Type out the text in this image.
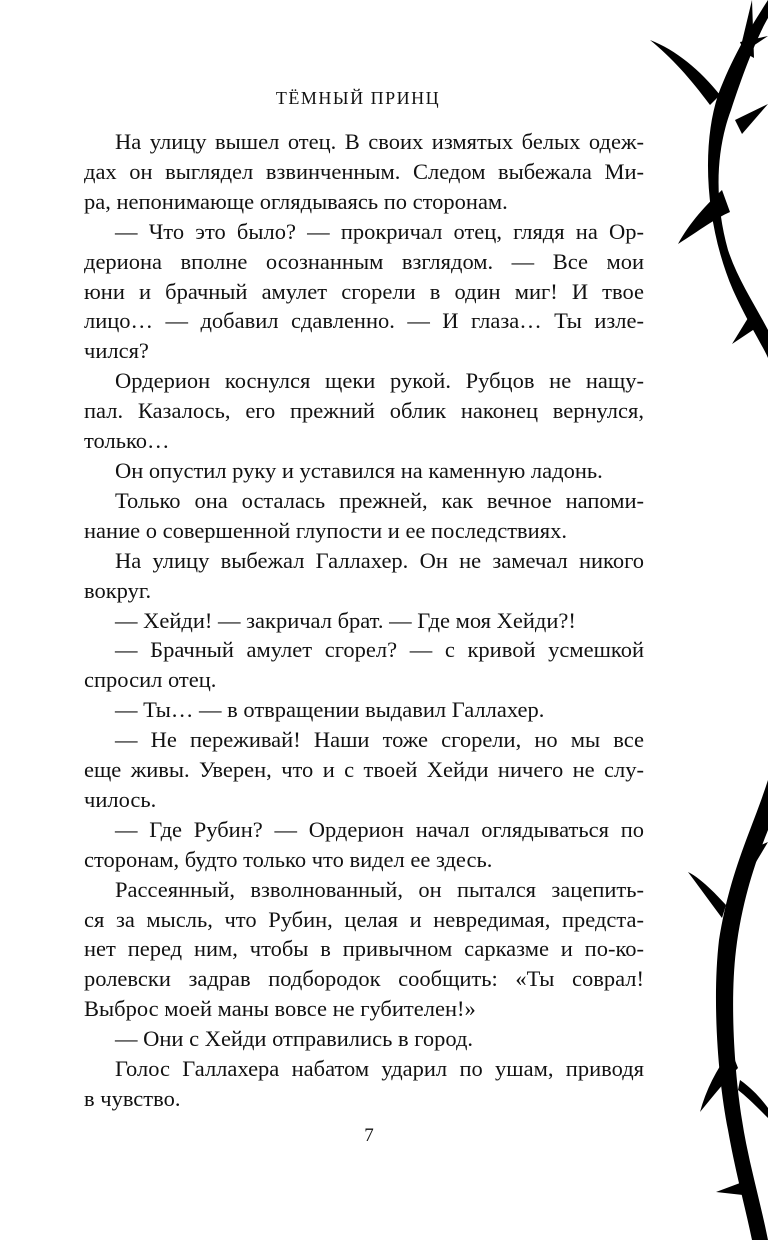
ТЁМНЫЙ ПРИНЦ
На улицу вышел отец. В своих измятых белых одеж-
дах он выглядел взвинченным. Следом выбежала Ми-
ра, непонимающе оглядываясь по сторонам.
— Что это было? — прокричал отец, глядя на Ор-
дериона вполне осознанным взглядом. — Все мои
юни и брачный амулет сгорели в один миг! И твое
лицо… — добавил сдавленно. — И глаза… Ты изле-
чился?
Ордерион коснулся щеки рукой. Рубцов не нащу-
пал. Казалось, его прежний облик наконец вернулся,
только…
Он опустил руку и уставился на каменную ладонь.
Только она осталась прежней, как вечное напоми-
нание о совершенной глупости и ее последствиях.
На улицу выбежал Галлахер. Он не замечал никого
вокруг.
— Хейди! — закричал брат. — Где моя Хейди?!
— Брачный амулет сгорел? — с кривой усмешкой
спросил отец.
— Ты… — в отвращении выдавил Галлахер.
— Не переживай! Наши тоже сгорели, но мы все
еще живы. Уверен, что и с твоей Хейди ничего не слу-
чилось.
— Где Рубин? — Ордерион начал оглядываться по
сторонам, будто только что видел ее здесь.
Рассеянный, взволнованный, он пытался зацепить-
ся за мысль, что Рубин, целая и невредимая, предста-
нет перед ним, чтобы в привычном сарказме и по-ко-
ролевски задрав подбородок сообщить: «Ты соврал!
Выброс моей маны вовсе не губителен!»
— Они с Хейди отправились в город.
Голос Галлахера набатом ударил по ушам, приводя
в чувство.
7
